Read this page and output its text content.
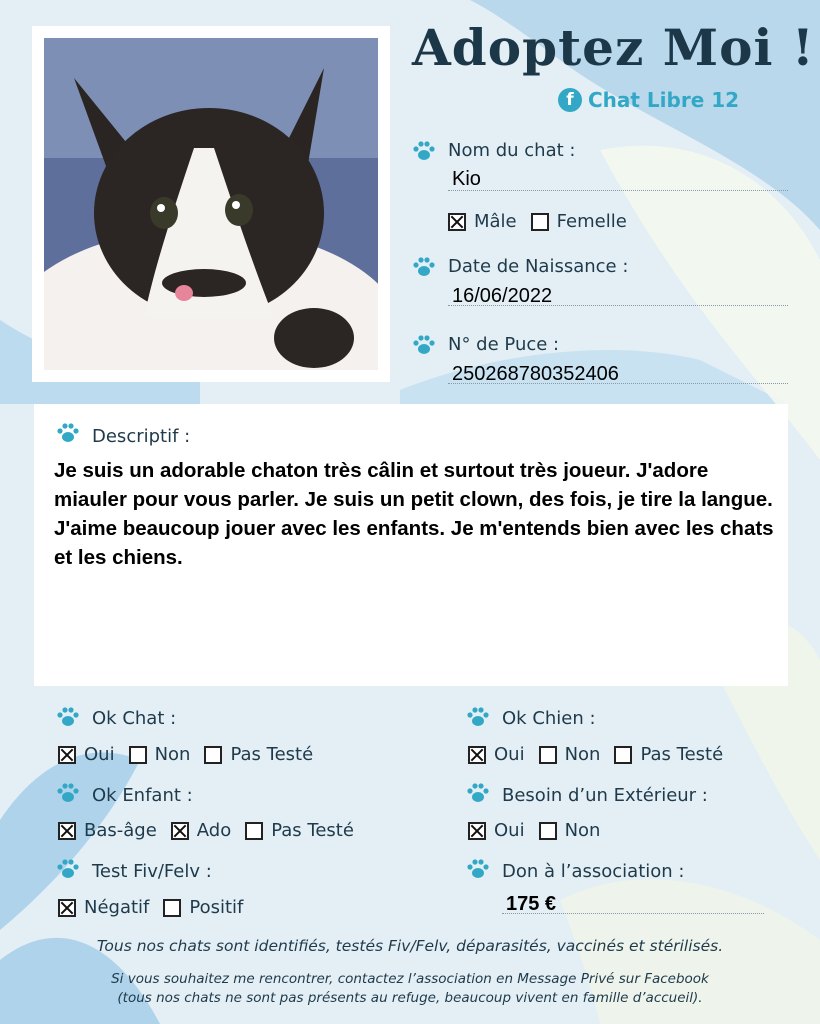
Adoptez Moi !
f Chat Libre 12
Nom du chat :
Kio
Mâle Femelle
Date de Naissance :
16/06/2022
N° de Puce :
250268780352406
Descriptif :
Je suis un adorable chaton très câlin et surtout très joueur. J'adore miauler pour vous parler. Je suis un petit clown, des fois, je tire la langue. J'aime beaucoup jouer avec les enfants. Je m'entends bien avec les chats et les chiens.
Ok Chat :
Oui Non Pas Testé
Ok Chien :
Oui Non Pas Testé
Ok Enfant :
Bas-âge Ado Pas Testé
Besoin d’un Extérieur :
Oui Non
Test Fiv/Felv :
Négatif Positif
Don à l’association :
175 €
Tous nos chats sont identifiés, testés Fiv/Felv, déparasités, vaccinés et stérilisés.
Si vous souhaitez me rencontrer, contactez l’association en Message Privé sur Facebook
(tous nos chats ne sont pas présents au refuge, beaucoup vivent en famille d’accueil).
